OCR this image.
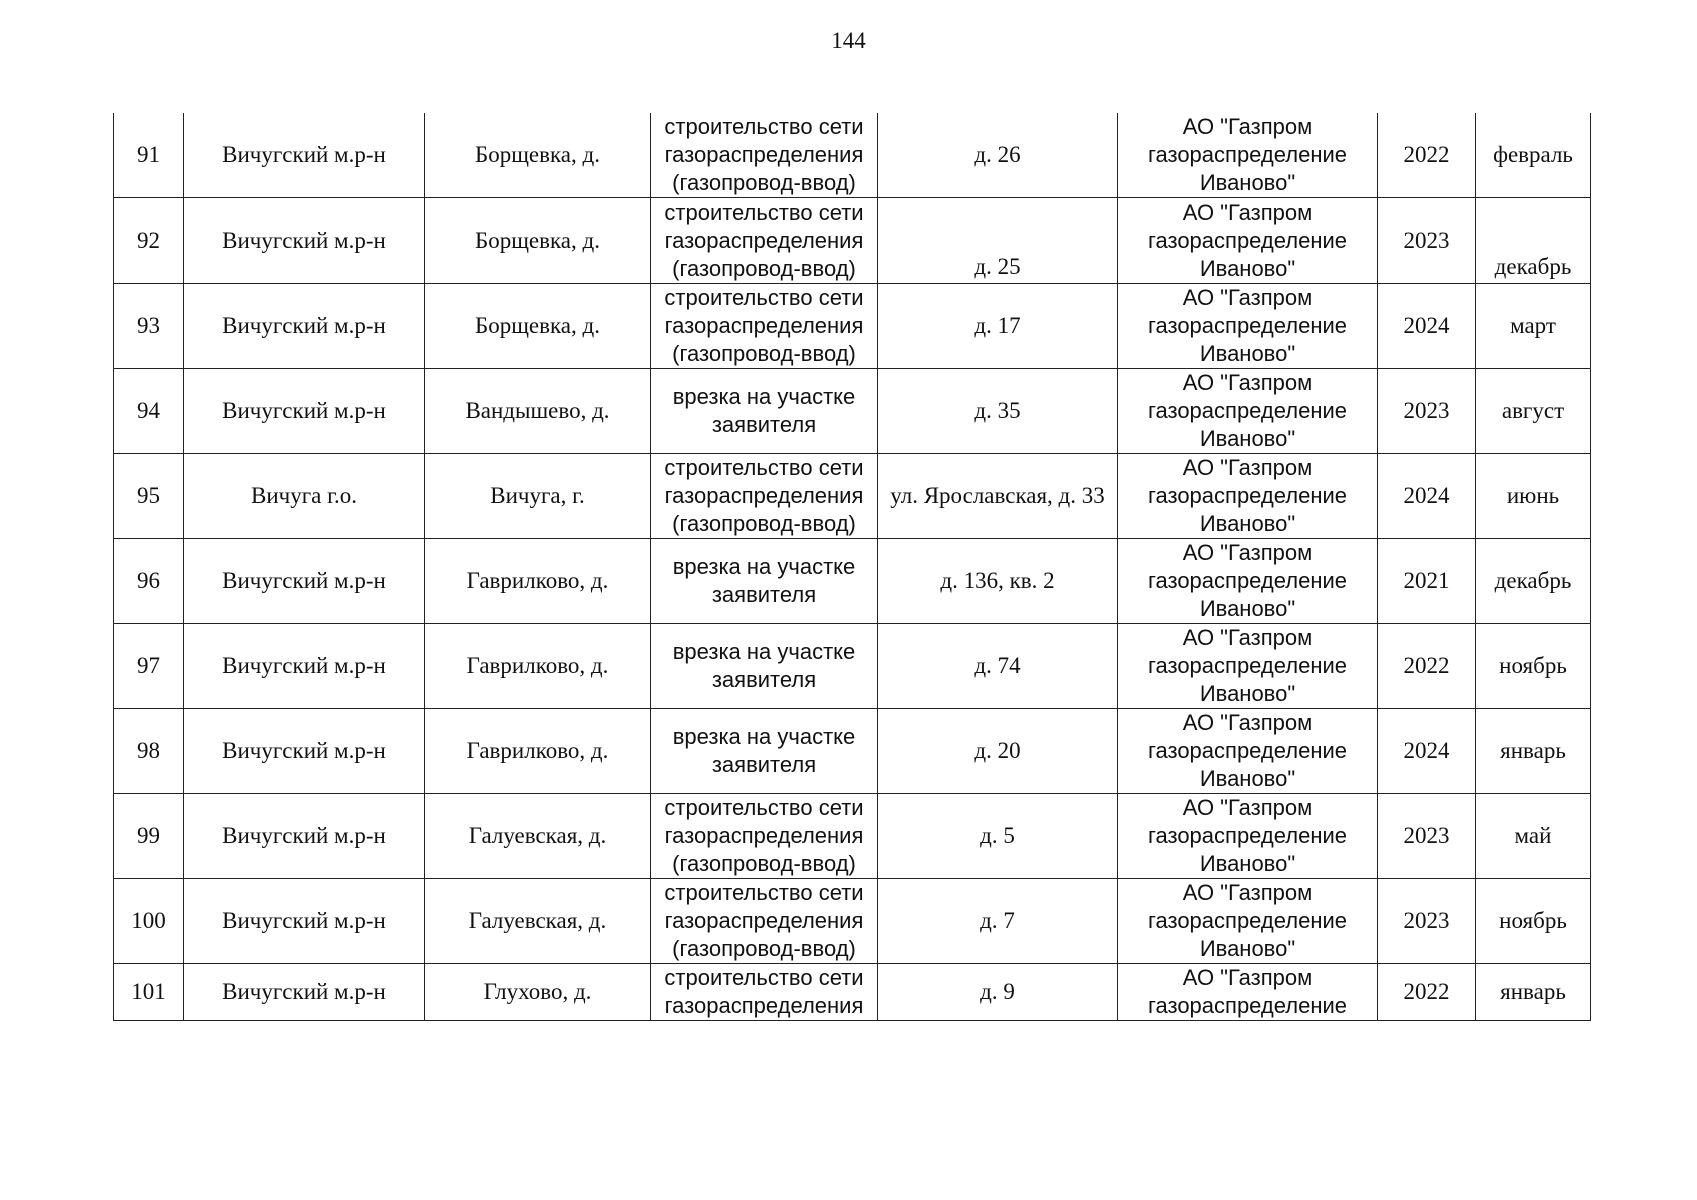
144
91	Вичугский м.р-н	Борщевка, д.	строительство сети газораспределения (газопровод-ввод)	д. 26	АО "Газпром газораспределение Иваново"	2022	февраль
92	Вичугский м.р-н	Борщевка, д.	строительство сети газораспределения (газопровод-ввод)	д. 25	АО "Газпром газораспределение Иваново"	2023	декабрь
93	Вичугский м.р-н	Борщевка, д.	строительство сети газораспределения (газопровод-ввод)	д. 17	АО "Газпром газораспределение Иваново"	2024	март
94	Вичугский м.р-н	Вандышево, д.	врезка на участке заявителя	д. 35	АО "Газпром газораспределение Иваново"	2023	август
95	Вичуга г.о.	Вичуга, г.	строительство сети газораспределения (газопровод-ввод)	ул. Ярославская, д. 33	АО "Газпром газораспределение Иваново"	2024	июнь
96	Вичугский м.р-н	Гаврилково, д.	врезка на участке заявителя	д. 136, кв. 2	АО "Газпром газораспределение Иваново"	2021	декабрь
97	Вичугский м.р-н	Гаврилково, д.	врезка на участке заявителя	д. 74	АО "Газпром газораспределение Иваново"	2022	ноябрь
98	Вичугский м.р-н	Гаврилково, д.	врезка на участке заявителя	д. 20	АО "Газпром газораспределение Иваново"	2024	январь
99	Вичугский м.р-н	Галуевская, д.	строительство сети газораспределения (газопровод-ввод)	д. 5	АО "Газпром газораспределение Иваново"	2023	май
100	Вичугский м.р-н	Галуевская, д.	строительство сети газораспределения (газопровод-ввод)	д. 7	АО "Газпром газораспределение Иваново"	2023	ноябрь
101	Вичугский м.р-н	Глухово, д.	строительство сети газораспределения	д. 9	АО "Газпром газораспределение	2022	январь
